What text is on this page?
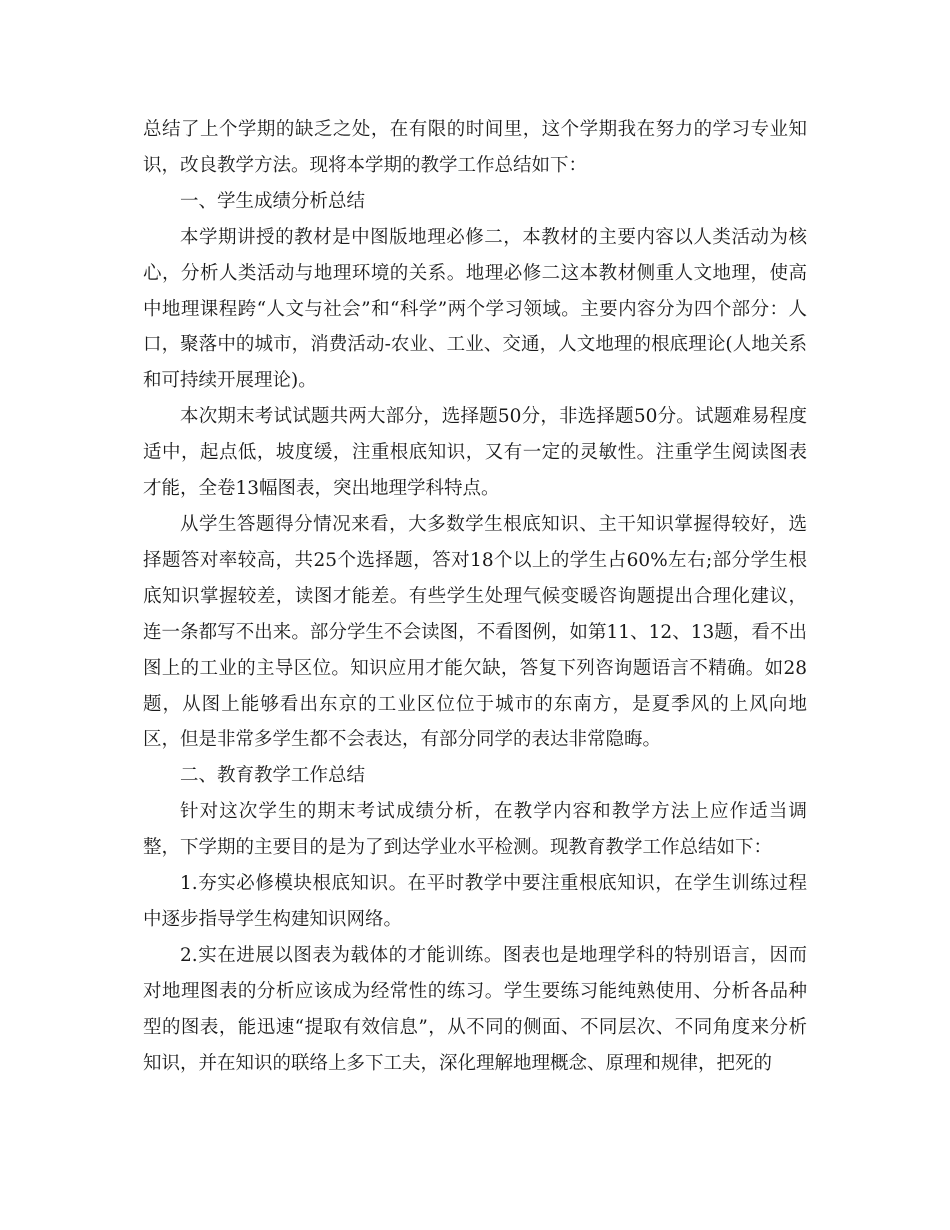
总结了上个学期的缺乏之处，在有限的时间里，这个学期我在努力的学习专业知识，改良教学方法。现将本学期的教学工作总结如下：

一、学生成绩分析总结

本学期讲授的教材是中图版地理必修二，本教材的主要内容以人类活动为核心，分析人类活动与地理环境的关系。地理必修二这本教材侧重人文地理，使高中地理课程跨“人文与社会”和“科学”两个学习领域。主要内容分为四个部分：人口，聚落中的城市，消费活动-农业、工业、交通，人文地理的根底理论(人地关系和可持续开展理论)。

本次期末考试试题共两大部分，选择题50分，非选择题50分。试题难易程度适中，起点低，坡度缓，注重根底知识，又有一定的灵敏性。注重学生阅读图表才能，全卷13幅图表，突出地理学科特点。

从学生答题得分情况来看，大多数学生根底知识、主干知识掌握得较好，选择题答对率较高，共25个选择题，答对18个以上的学生占60%左右;部分学生根底知识掌握较差，读图才能差。有些学生处理气候变暖咨询题提出合理化建议，连一条都写不出来。部分学生不会读图，不看图例，如第11、12、13题，看不出图上的工业的主导区位。知识应用才能欠缺，答复下列咨询题语言不精确。如28题，从图上能够看出东京的工业区位位于城市的东南方，是夏季风的上风向地区，但是非常多学生都不会表达，有部分同学的表达非常隐晦。

二、教育教学工作总结

针对这次学生的期末考试成绩分析，在教学内容和教学方法上应作适当调整，下学期的主要目的是为了到达学业水平检测。现教育教学工作总结如下：

1.夯实必修模块根底知识。在平时教学中要注重根底知识，在学生训练过程中逐步指导学生构建知识网络。

2.实在进展以图表为载体的才能训练。图表也是地理学科的特别语言，因而对地理图表的分析应该成为经常性的练习。学生要练习能纯熟使用、分析各品种型的图表，能迅速“提取有效信息”，从不同的侧面、不同层次、不同角度来分析知识，并在知识的联络上多下工夫，深化理解地理概念、原理和规律，把死的
